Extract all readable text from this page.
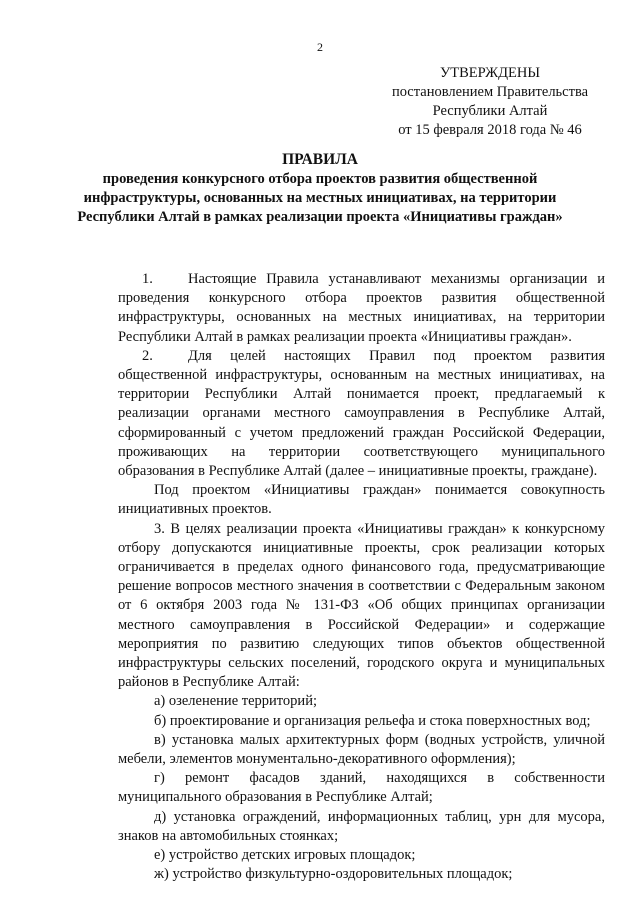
2
УТВЕРЖДЕНЫ
постановлением Правительства
Республики Алтай
от 15 февраля 2018 года № 46
ПРАВИЛА
проведения конкурсного отбора проектов развития общественной инфраструктуры, основанных на местных инициативах, на территории Республики Алтай в рамках реализации проекта «Инициативы граждан»

1. Настоящие Правила устанавливают механизмы организации и проведения конкурсного отбора проектов развития общественной инфраструктуры, основанных на местных инициативах, на территории Республики Алтай в рамках реализации проекта «Инициативы граждан».

2. Для целей настоящих Правил под проектом развития общественной инфраструктуры, основанным на местных инициативах, на территории Республики Алтай понимается проект, предлагаемый к реализации органами местного самоуправления в Республике Алтай, сформированный с учетом предложений граждан Российской Федерации, проживающих на территории соответствующего муниципального образования в Республике Алтай (далее – инициативные проекты, граждане).

Под проектом «Инициативы граждан» понимается совокупность инициативных проектов.

3. В целях реализации проекта «Инициативы граждан» к конкурсному отбору допускаются инициативные проекты, срок реализации которых ограничивается в пределах одного финансового года, предусматривающие решение вопросов местного значения в соответствии с Федеральным законом от 6 октября 2003 года № 131-ФЗ «Об общих принципах организации местного самоуправления в Российской Федерации» и содержащие мероприятия по развитию следующих типов объектов общественной инфраструктуры сельских поселений, городского округа и муниципальных районов в Республике Алтай:

а) озеленение территорий;

б) проектирование и организация рельефа и стока поверхностных вод;

в) установка малых архитектурных форм (водных устройств, уличной мебели, элементов монументально-декоративного оформления);

г) ремонт фасадов зданий, находящихся в собственности муниципального образования в Республике Алтай;

д) установка ограждений, информационных таблиц, урн для мусора, знаков на автомобильных стоянках;

е) устройство детских игровых площадок;

ж) устройство физкультурно-оздоровительных площадок;
